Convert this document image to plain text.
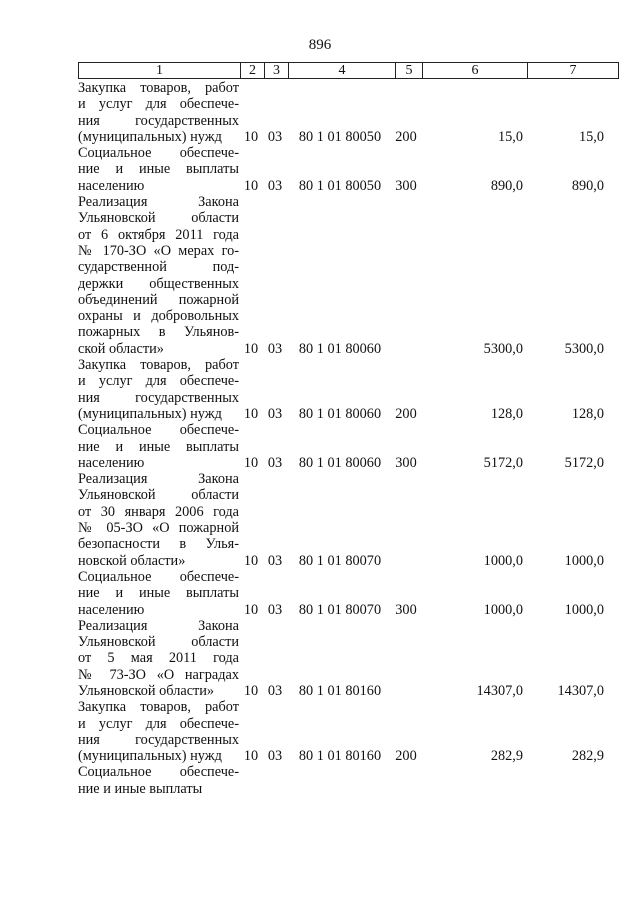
896
1	2	3	4	5	6	7
Закупка товаров, работ
и услуг для обеспече-
ния государственных
(муниципальных) нужд	10 03	80 1 01 80050 200	15,0	15,0
Социальное обеспече-
ние и иные выплаты
населению	10 03	80 1 01 80050 300	890,0	890,0
Реализация Закона
Ульяновской области
от 6 октября 2011 года
№ 170-ЗО «О мерах го-
сударственной под-
держки общественных
объединений пожарной
охраны и добровольных
пожарных в Ульянов-
ской области»	10 03	80 1 01 80060	5300,0	5300,0
Закупка товаров, работ
и услуг для обеспече-
ния государственных
(муниципальных) нужд	10 03	80 1 01 80060 200	128,0	128,0
Социальное обеспече-
ние и иные выплаты
населению	10 03	80 1 01 80060 300	5172,0	5172,0
Реализация Закона
Ульяновской области
от 30 января 2006 года
№ 05-ЗО «О пожарной
безопасности в Улья-
новской области»	10 03	80 1 01 80070	1000,0	1000,0
Социальное обеспече-
ние и иные выплаты
населению	10 03	80 1 01 80070 300	1000,0	1000,0
Реализация Закона
Ульяновской области
от 5 мая 2011 года
№ 73-ЗО «О наградах
Ульяновской области»	10 03	80 1 01 80160	14307,0	14307,0
Закупка товаров, работ
и услуг для обеспече-
ния государственных
(муниципальных) нужд	10 03	80 1 01 80160 200	282,9	282,9
Социальное обеспече-
ние и иные выплаты
